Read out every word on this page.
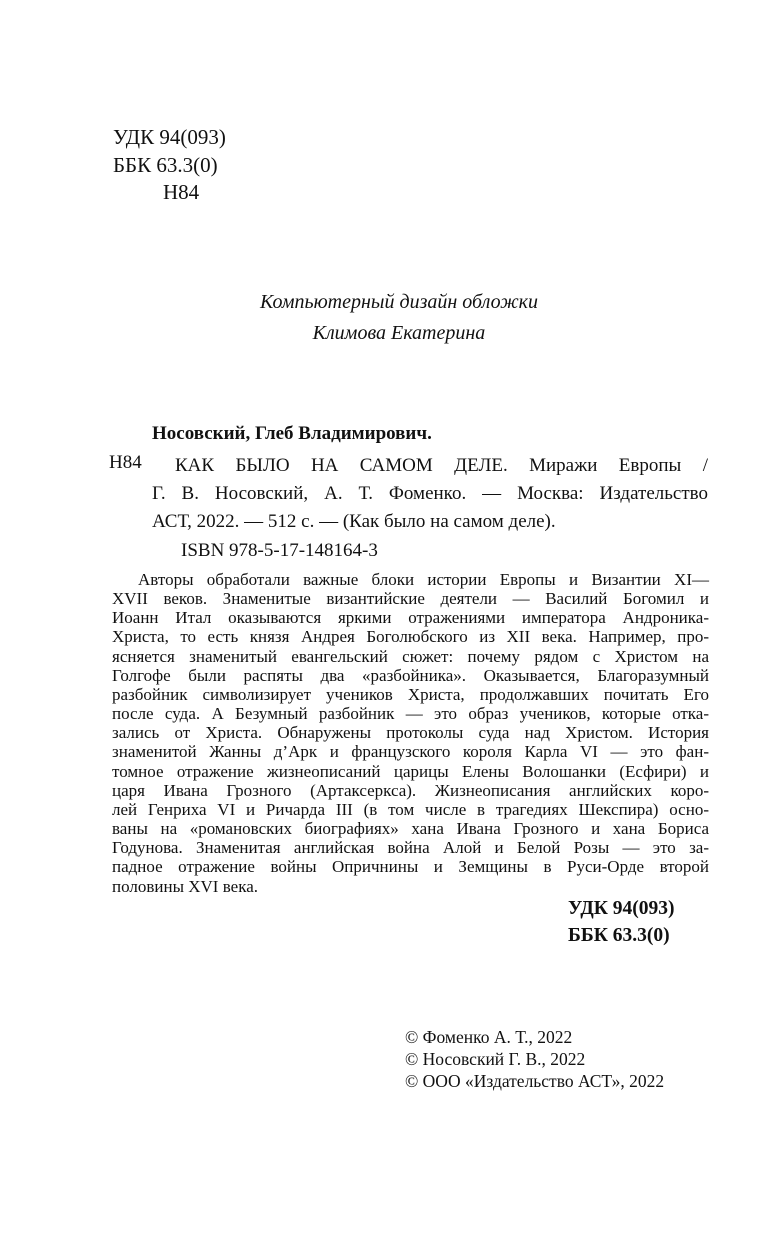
УДК 94(093)
ББК 63.3(0)
Н84
Компьютерный дизайн обложки
Климова Екатерина
Носовский, Глеб Владимирович.
Н84	КАК БЫЛО НА САМОМ ДЕЛЕ. Миражи Европы /
Г. В. Носовский, А. Т. Фоменко. — Москва: Издательство
АСТ, 2022. — 512 с. — (Как было на самом деле).
ISBN 978-5-17-148164-3
Авторы обработали важные блоки истории Европы и Византии XI—
XVII веков. Знаменитые византийские деятели — Василий Богомил и
Иоанн Итал оказываются яркими отражениями императора Андроника-
Христа, то есть князя Андрея Боголюбского из XII века. Например, про-
ясняется знаменитый евангельский сюжет: почему рядом с Христом на
Голгофе были распяты два «разбойника». Оказывается, Благоразумный
разбойник символизирует учеников Христа, продолжавших почитать Его
после суда. А Безумный разбойник — это образ учеников, которые отка-
зались от Христа. Обнаружены протоколы суда над Христом. История
знаменитой Жанны д’Арк и французского короля Карла VI — это фан-
томное отражение жизнеописаний царицы Елены Волошанки (Есфири) и
царя Ивана Грозного (Артаксеркса). Жизнеописания английских коро-
лей Генриха VI и Ричарда III (в том числе в трагедиях Шекспира) осно-
ваны на «романовских биографиях» хана Ивана Грозного и хана Бориса
Годунова. Знаменитая английская война Алой и Белой Розы — это за-
падное отражение войны Опричнины и Земщины в Руси-Орде второй
половины XVI века.
УДК 94(093)
ББК 63.3(0)
© Фоменко А. Т., 2022
© Носовский Г. В., 2022
© ООО «Издательство АСТ», 2022
